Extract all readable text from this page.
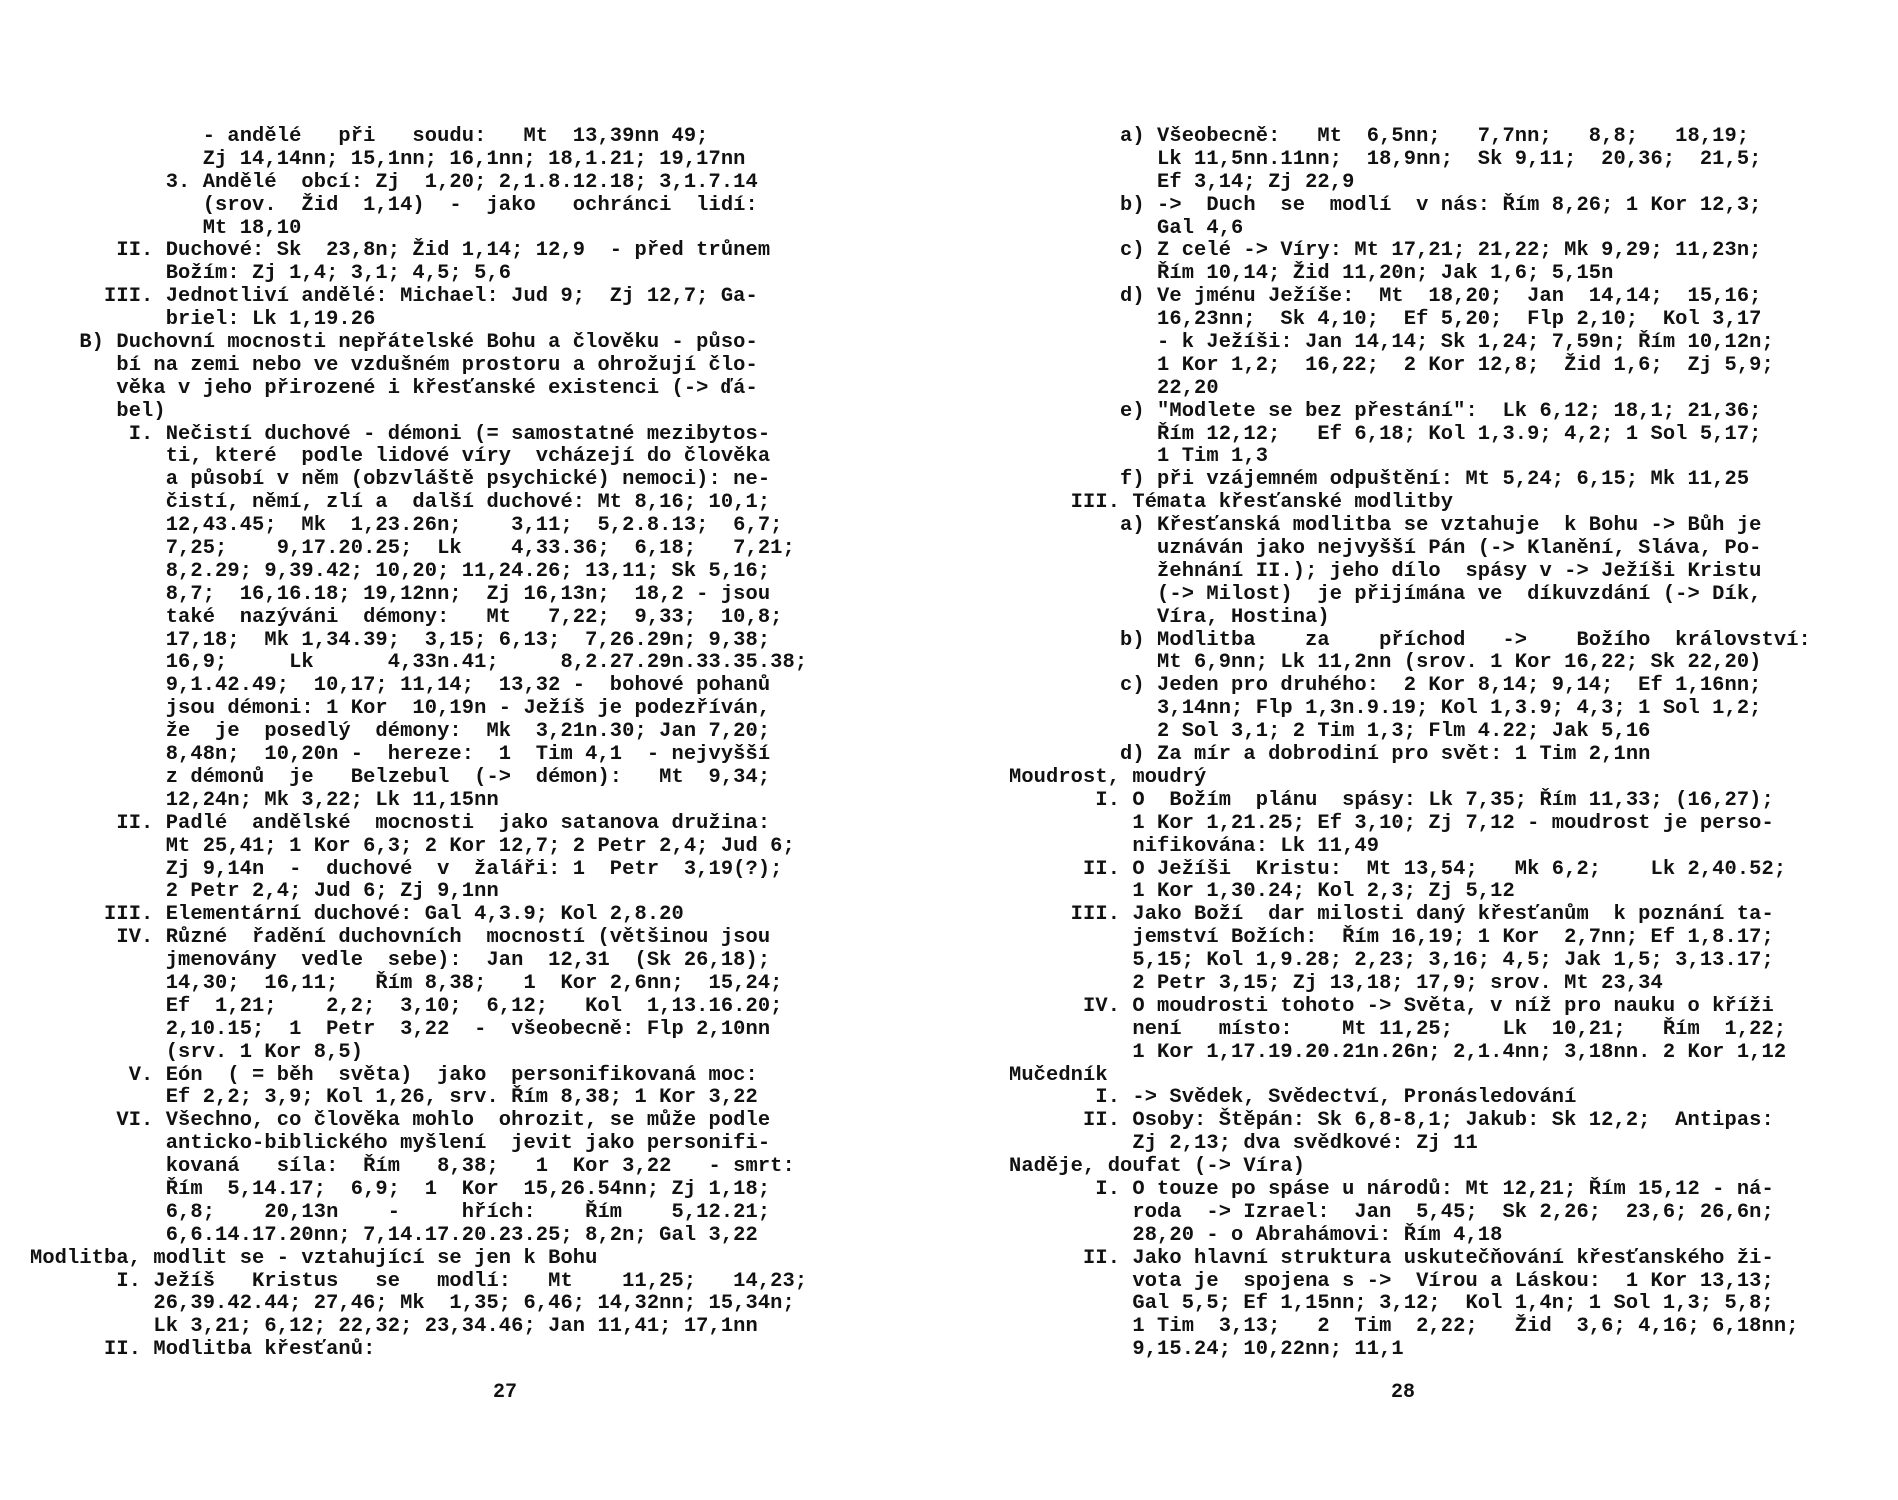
- andělé   při   soudu:   Mt  13,39nn 49;
Zj 14,14nn; 15,1nn; 16,1nn; 18,1.21; 19,17nn
3. Andělé  obcí: Zj  1,20; 2,1.8.12.18; 3,1.7.14
(srov.  Žid  1,14)  -  jako   ochránci  lidí:
Mt 18,10
II. Duchové: Sk  23,8n; Žid 1,14; 12,9  - před trůnem
Božím: Zj 1,4; 3,1; 4,5; 5,6
III. Jednotliví andělé: Michael: Jud 9;  Zj 12,7; Ga-
briel: Lk 1,19.26
B) Duchovní mocnosti nepřátelské Bohu a člověku - půso-
bí na zemi nebo ve vzdušném prostoru a ohrožují člo-
věka v jeho přirozené i křesťanské existenci (-> ďá-
bel)
I. Nečistí duchové - démoni (= samostatné mezibytos-
ti, které  podle lidové víry  vcházejí do člověka
a působí v něm (obzvláště psychické) nemoci): ne-
čistí, němí, zlí a  další duchové: Mt 8,16; 10,1;
12,43.45;  Mk  1,23.26n;    3,11;  5,2.8.13;  6,7;
7,25;    9,17.20.25;  Lk    4,33.36;  6,18;   7,21;
8,2.29; 9,39.42; 10,20; 11,24.26; 13,11; Sk 5,16;
8,7;  16,16.18; 19,12nn;  Zj 16,13n;  18,2 - jsou
také  nazýváni  démony:   Mt   7,22;  9,33;  10,8;
17,18;  Mk 1,34.39;  3,15; 6,13;  7,26.29n; 9,38;
16,9;     Lk      4,33n.41;     8,2.27.29n.33.35.38;
9,1.42.49;  10,17; 11,14;  13,32 -  bohové pohanů
jsou démoni: 1 Kor  10,19n - Ježíš je podezříván,
že  je  posedlý  démony:  Mk  3,21n.30; Jan 7,20;
8,48n;  10,20n -  hereze:  1  Tim 4,1  - nejvyšší
z démonů  je   Belzebul  (->  démon):   Mt  9,34;
12,24n; Mk 3,22; Lk 11,15nn
II. Padlé  andělské  mocnosti  jako satanova družina:
Mt 25,41; 1 Kor 6,3; 2 Kor 12,7; 2 Petr 2,4; Jud 6;
Zj 9,14n  -  duchové  v  žaláři: 1  Petr  3,19(?);
2 Petr 2,4; Jud 6; Zj 9,1nn
III. Elementární duchové: Gal 4,3.9; Kol 2,8.20
IV. Různé  řadění duchovních  mocností (většinou jsou
jmenovány  vedle  sebe):  Jan  12,31  (Sk 26,18);
14,30;  16,11;   Řím 8,38;   1  Kor 2,6nn;  15,24;
Ef  1,21;    2,2;  3,10;  6,12;   Kol  1,13.16.20;
2,10.15;  1  Petr  3,22  -  všeobecně: Flp 2,10nn
(srv. 1 Kor 8,5)
V. Eón  ( = běh  světa)  jako  personifikovaná moc:
Ef 2,2; 3,9; Kol 1,26, srv. Řím 8,38; 1 Kor 3,22
VI. Všechno, co člověka mohlo  ohrozit, se může podle
anticko-biblického myšlení  jevit jako personifi-
kovaná   síla:  Řím   8,38;   1  Kor 3,22   - smrt:
Řím  5,14.17;  6,9;  1  Kor  15,26.54nn; Zj 1,18;
6,8;    20,13n    -     hřích:    Řím    5,12.21;
6,6.14.17.20nn; 7,14.17.20.23.25; 8,2n; Gal 3,22
Modlitba, modlit se - vztahující se jen k Bohu
I. Ježíš   Kristus   se   modlí:   Mt    11,25;   14,23;
26,39.42.44; 27,46; Mk  1,35; 6,46; 14,32nn; 15,34n;
Lk 3,21; 6,12; 22,32; 23,34.46; Jan 11,41; 17,1nn
II. Modlitba křesťanů:
27
a) Všeobecně:   Mt  6,5nn;   7,7nn;   8,8;   18,19;
Lk 11,5nn.11nn;  18,9nn;  Sk 9,11;  20,36;  21,5;
Ef 3,14; Zj 22,9
b) ->  Duch  se  modlí  v nás: Řím 8,26; 1 Kor 12,3;
Gal 4,6
c) Z celé -> Víry: Mt 17,21; 21,22; Mk 9,29; 11,23n;
Řím 10,14; Žid 11,20n; Jak 1,6; 5,15n
d) Ve jménu Ježíše:  Mt  18,20;  Jan  14,14;  15,16;
16,23nn;  Sk 4,10;  Ef 5,20;  Flp 2,10;  Kol 3,17
- k Ježíši: Jan 14,14; Sk 1,24; 7,59n; Řím 10,12n;
1 Kor 1,2;  16,22;  2 Kor 12,8;  Žid 1,6;  Zj 5,9;
22,20
e) "Modlete se bez přestání":  Lk 6,12; 18,1; 21,36;
Řím 12,12;   Ef 6,18; Kol 1,3.9; 4,2; 1 Sol 5,17;
1 Tim 1,3
f) při vzájemném odpuštění: Mt 5,24; 6,15; Mk 11,25
III. Témata křesťanské modlitby
a) Křesťanská modlitba se vztahuje  k Bohu -> Bůh je
uznáván jako nejvyšší Pán (-> Klanění, Sláva, Po-
žehnání II.); jeho dílo  spásy v -> Ježíši Kristu
(-> Milost)  je přijímána ve  díkuvzdání (-> Dík,
Víra, Hostina)
b) Modlitba    za    příchod   ->    Božího  království:
Mt 6,9nn; Lk 11,2nn (srov. 1 Kor 16,22; Sk 22,20)
c) Jeden pro druhého:  2 Kor 8,14; 9,14;  Ef 1,16nn;
3,14nn; Flp 1,3n.9.19; Kol 1,3.9; 4,3; 1 Sol 1,2;
2 Sol 3,1; 2 Tim 1,3; Flm 4.22; Jak 5,16
d) Za mír a dobrodiní pro svět: 1 Tim 2,1nn
Moudrost, moudrý
I. O  Božím  plánu  spásy: Lk 7,35; Řím 11,33; (16,27);
1 Kor 1,21.25; Ef 3,10; Zj 7,12 - moudrost je perso-
nifikována: Lk 11,49
II. O Ježíši  Kristu:  Mt 13,54;   Mk 6,2;    Lk 2,40.52;
1 Kor 1,30.24; Kol 2,3; Zj 5,12
III. Jako Boží  dar milosti daný křesťanům  k poznání ta-
jemství Božích:  Řím 16,19; 1 Kor  2,7nn; Ef 1,8.17;
5,15; Kol 1,9.28; 2,23; 3,16; 4,5; Jak 1,5; 3,13.17;
2 Petr 3,15; Zj 13,18; 17,9; srov. Mt 23,34
IV. O moudrosti tohoto -> Světa, v níž pro nauku o kříži
není   místo:    Mt 11,25;    Lk  10,21;   Řím  1,22;
1 Kor 1,17.19.20.21n.26n; 2,1.4nn; 3,18nn. 2 Kor 1,12
Mučedník
I. -> Svědek, Svědectví, Pronásledování
II. Osoby: Štěpán: Sk 6,8-8,1; Jakub: Sk 12,2;  Antipas:
Zj 2,13; dva svědkové: Zj 11
Naděje, doufat (-> Víra)
I. O touze po spáse u národů: Mt 12,21; Řím 15,12 - ná-
roda  -> Izrael:  Jan  5,45;  Sk 2,26;  23,6; 26,6n;
28,20 - o Abrahámovi: Řím 4,18
II. Jako hlavní struktura uskutečňování křesťanského ži-
vota je  spojena s ->  Vírou a Láskou:  1 Kor 13,13;
Gal 5,5; Ef 1,15nn; 3,12;  Kol 1,4n; 1 Sol 1,3; 5,8;
1 Tim  3,13;   2  Tim  2,22;   Žid  3,6; 4,16; 6,18nn;
9,15.24; 10,22nn; 11,1
28
